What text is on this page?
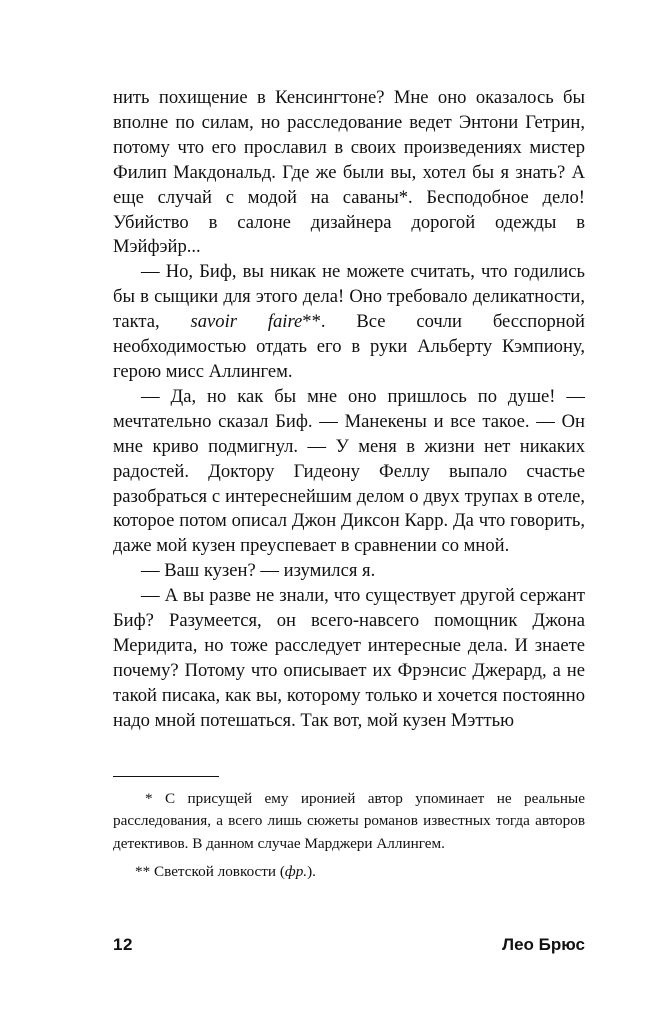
нить похищение в Кенсингтоне? Мне оно оказалось бы вполне по силам, но расследование ведет Энтони Гетрин, потому что его прославил в своих произведениях мистер Филип Макдональд. Где же были вы, хотел бы я знать? А еще случай с модой на саваны*. Бесподобное дело! Убийство в салоне дизайнера дорогой одежды в Мэйфэйр...

— Но, Биф, вы никак не можете считать, что годились бы в сыщики для этого дела! Оно требовало деликатности, такта, savoir faire**. Все сочли бесспорной необходимостью отдать его в руки Альберту Кэмпиону, герою мисс Аллингем.

— Да, но как бы мне оно пришлось по душе! — мечтательно сказал Биф. — Манекены и все такое. — Он мне криво подмигнул. — У меня в жизни нет никаких радостей. Доктору Гидеону Феллу выпало счастье разобраться с интереснейшим делом о двух трупах в отеле, которое потом описал Джон Диксон Карр. Да что говорить, даже мой кузен преуспевает в сравнении со мной.

— Ваш кузен? — изумился я.

— А вы разве не знали, что существует другой сержант Биф? Разумеется, он всего-навсего помощник Джона Меридита, но тоже расследует интересные дела. И знаете почему? Потому что описывает их Фрэнсис Джерард, а не такой писака, как вы, которому только и хочется постоянно надо мной потешаться. Так вот, мой кузен Мэттью

* С присущей ему иронией автор упоминает не реальные расследования, а всего лишь сюжеты романов известных тогда авторов детективов. В данном случае Марджери Аллингем.

** Светской ловкости (фр.).

12	Лео Брюс
